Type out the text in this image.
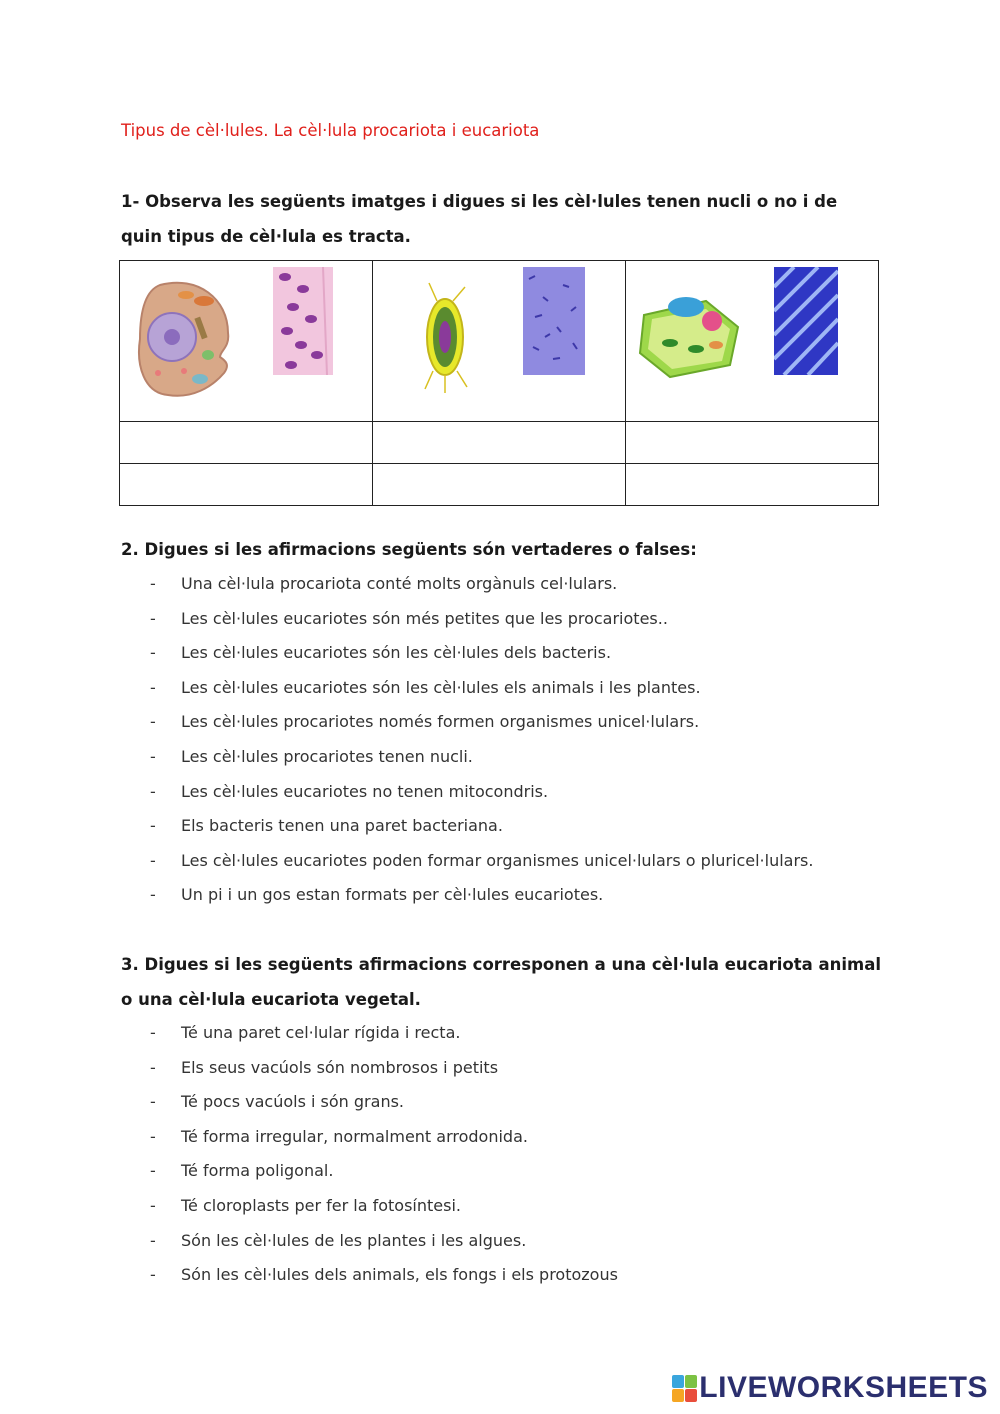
Tipus de cèl·lules. La cèl·lula procariota i eucariota
1- Observa les següents imatges i digues si les cèl·lules tenen nucli o no i de quin tipus de cèl·lula es tracta.

2. Digues si les afirmacions següents són vertaderes o falses:
- Una cèl·lula procariota conté molts orgànuls cel·lulars.
- Les cèl·lules eucariotes són més petites que les procariotes..
- Les cèl·lules eucariotes són les cèl·lules dels bacteris.
- Les cèl·lules eucariotes són les cèl·lules els animals i les plantes.
- Les cèl·lules procariotes només formen organismes unicel·lulars.
- Les cèl·lules procariotes tenen nucli.
- Les cèl·lules eucariotes no tenen mitocondris.
- Els bacteris tenen una paret bacteriana.
- Les cèl·lules eucariotes poden formar organismes unicel·lulars o pluricel·lulars.
- Un pi i un gos estan formats per cèl·lules eucariotes.
3. Digues si les següents afirmacions corresponen a una cèl·lula eucariota animal o una cèl·lula eucariota vegetal.
- Té una paret cel·lular rígida i recta.
- Els seus vacúols són nombrosos i petits
- Té pocs vacúols i són grans.
- Té forma irregular, normalment arrodonida.
- Té forma poligonal.
- Té cloroplasts per fer la fotosíntesi.
- Són les cèl·lules de les plantes i les algues.
- Són les cèl·lules dels animals, els fongs i els protozous
LIVEWORKSHEETS
